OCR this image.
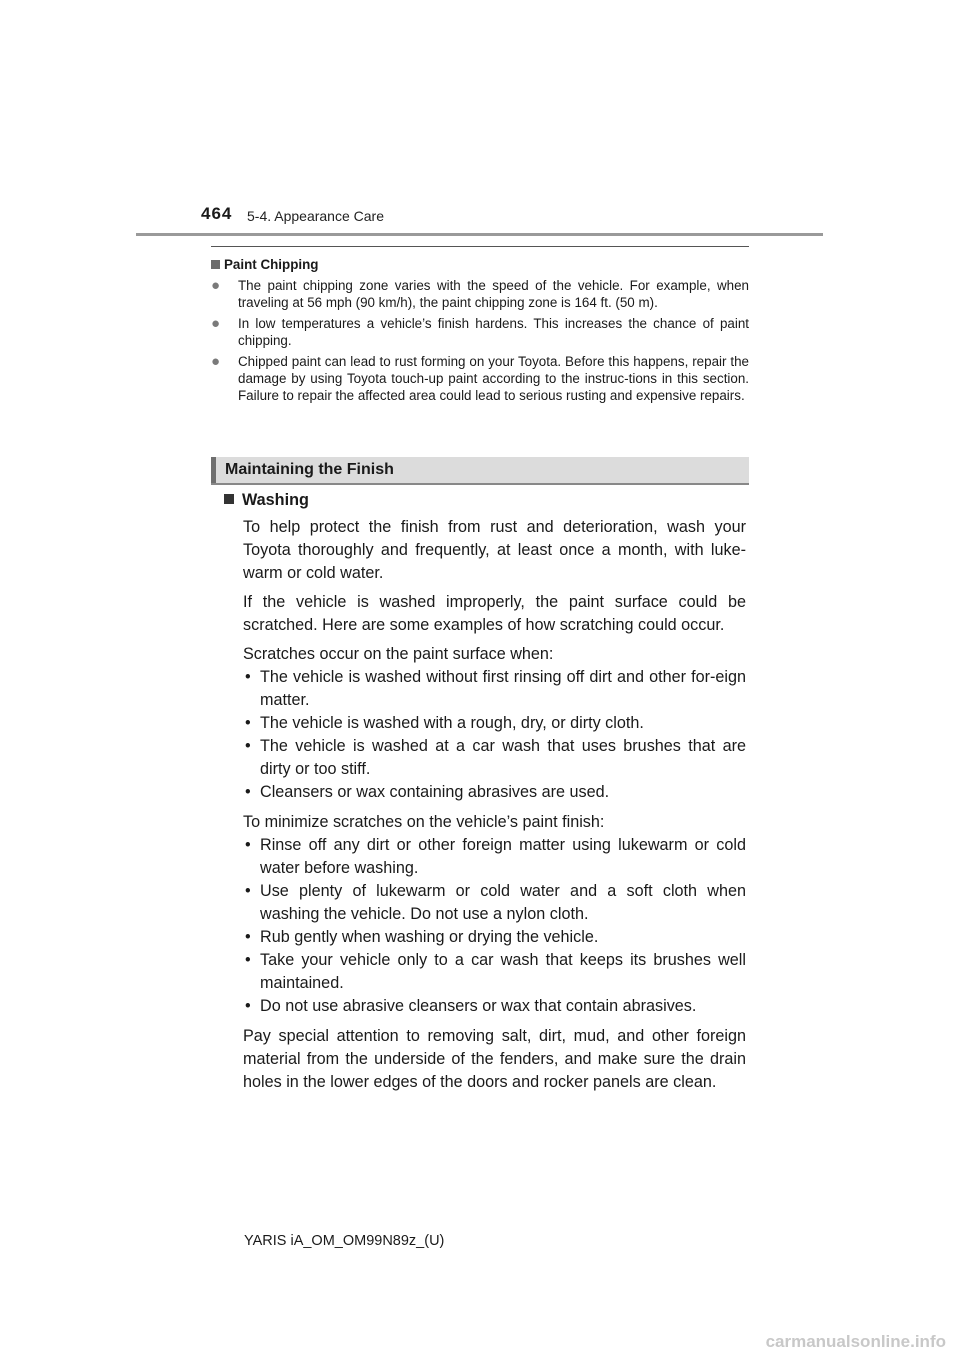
464 5-4. Appearance Care
Paint Chipping
● The paint chipping zone varies with the speed of the vehicle. For example, when traveling at 56 mph (90 km/h), the paint chipping zone is 164 ft. (50 m).
● In low temperatures a vehicle’s finish hardens. This increases the chance of paint chipping.
● Chipped paint can lead to rust forming on your Toyota. Before this happens, repair the damage by using Toyota touch-up paint according to the instruc-tions in this section. Failure to repair the affected area could lead to serious rusting and expensive repairs.
Maintaining the Finish
Washing

To help protect the finish from rust and deterioration, wash your Toyota thoroughly and frequently, at least once a month, with luke-warm or cold water.

If the vehicle is washed improperly, the paint surface could be scratched. Here are some examples of how scratching could occur.

Scratches occur on the paint surface when:

• The vehicle is washed without first rinsing off dirt and other for-eign matter.
• The vehicle is washed with a rough, dry, or dirty cloth.
• The vehicle is washed at a car wash that uses brushes that are dirty or too stiff.
• Cleansers or wax containing abrasives are used.

To minimize scratches on the vehicle’s paint finish:

• Rinse off any dirt or other foreign matter using lukewarm or cold water before washing.
• Use plenty of lukewarm or cold water and a soft cloth when washing the vehicle. Do not use a nylon cloth.
• Rub gently when washing or drying the vehicle.
• Take your vehicle only to a car wash that keeps its brushes well maintained.
• Do not use abrasive cleansers or wax that contain abrasives.

Pay special attention to removing salt, dirt, mud, and other foreign material from the underside of the fenders, and make sure the drain holes in the lower edges of the doors and rocker panels are clean.

YARIS iA_OM_OM99N89z_(U)
carmanualsonline.info
